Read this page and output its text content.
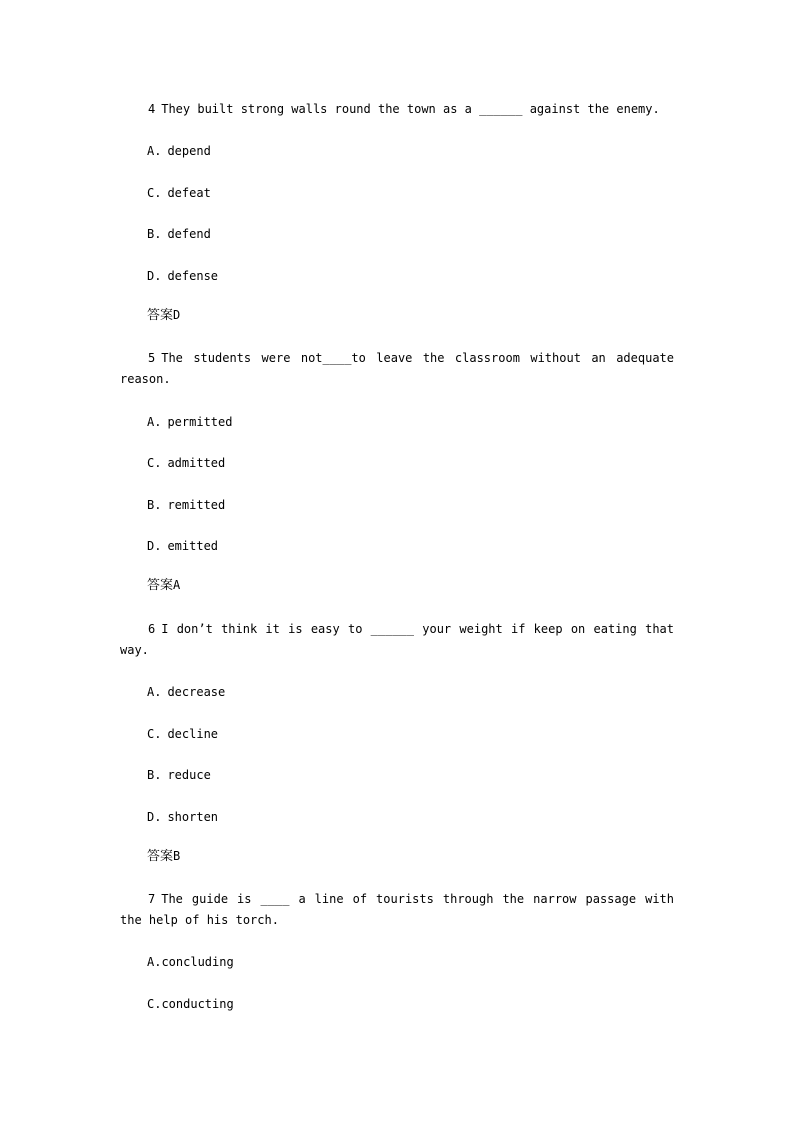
4 They built strong walls round the town as a ______ against the enemy.
A. depend
C. defeat
B. defend
D. defense
答案D
5 The students were not____to leave the classroom without an adequate reason.
A. permitted
C. admitted
B. remitted
D. emitted
答案A
6 I don’t think it is easy to ______ your weight if keep on eating that way.
A. decrease
C. decline
B. reduce
D. shorten
答案B
7 The guide is ____ a line of tourists through the narrow passage with the help of his torch.
A.concluding
C.conducting
